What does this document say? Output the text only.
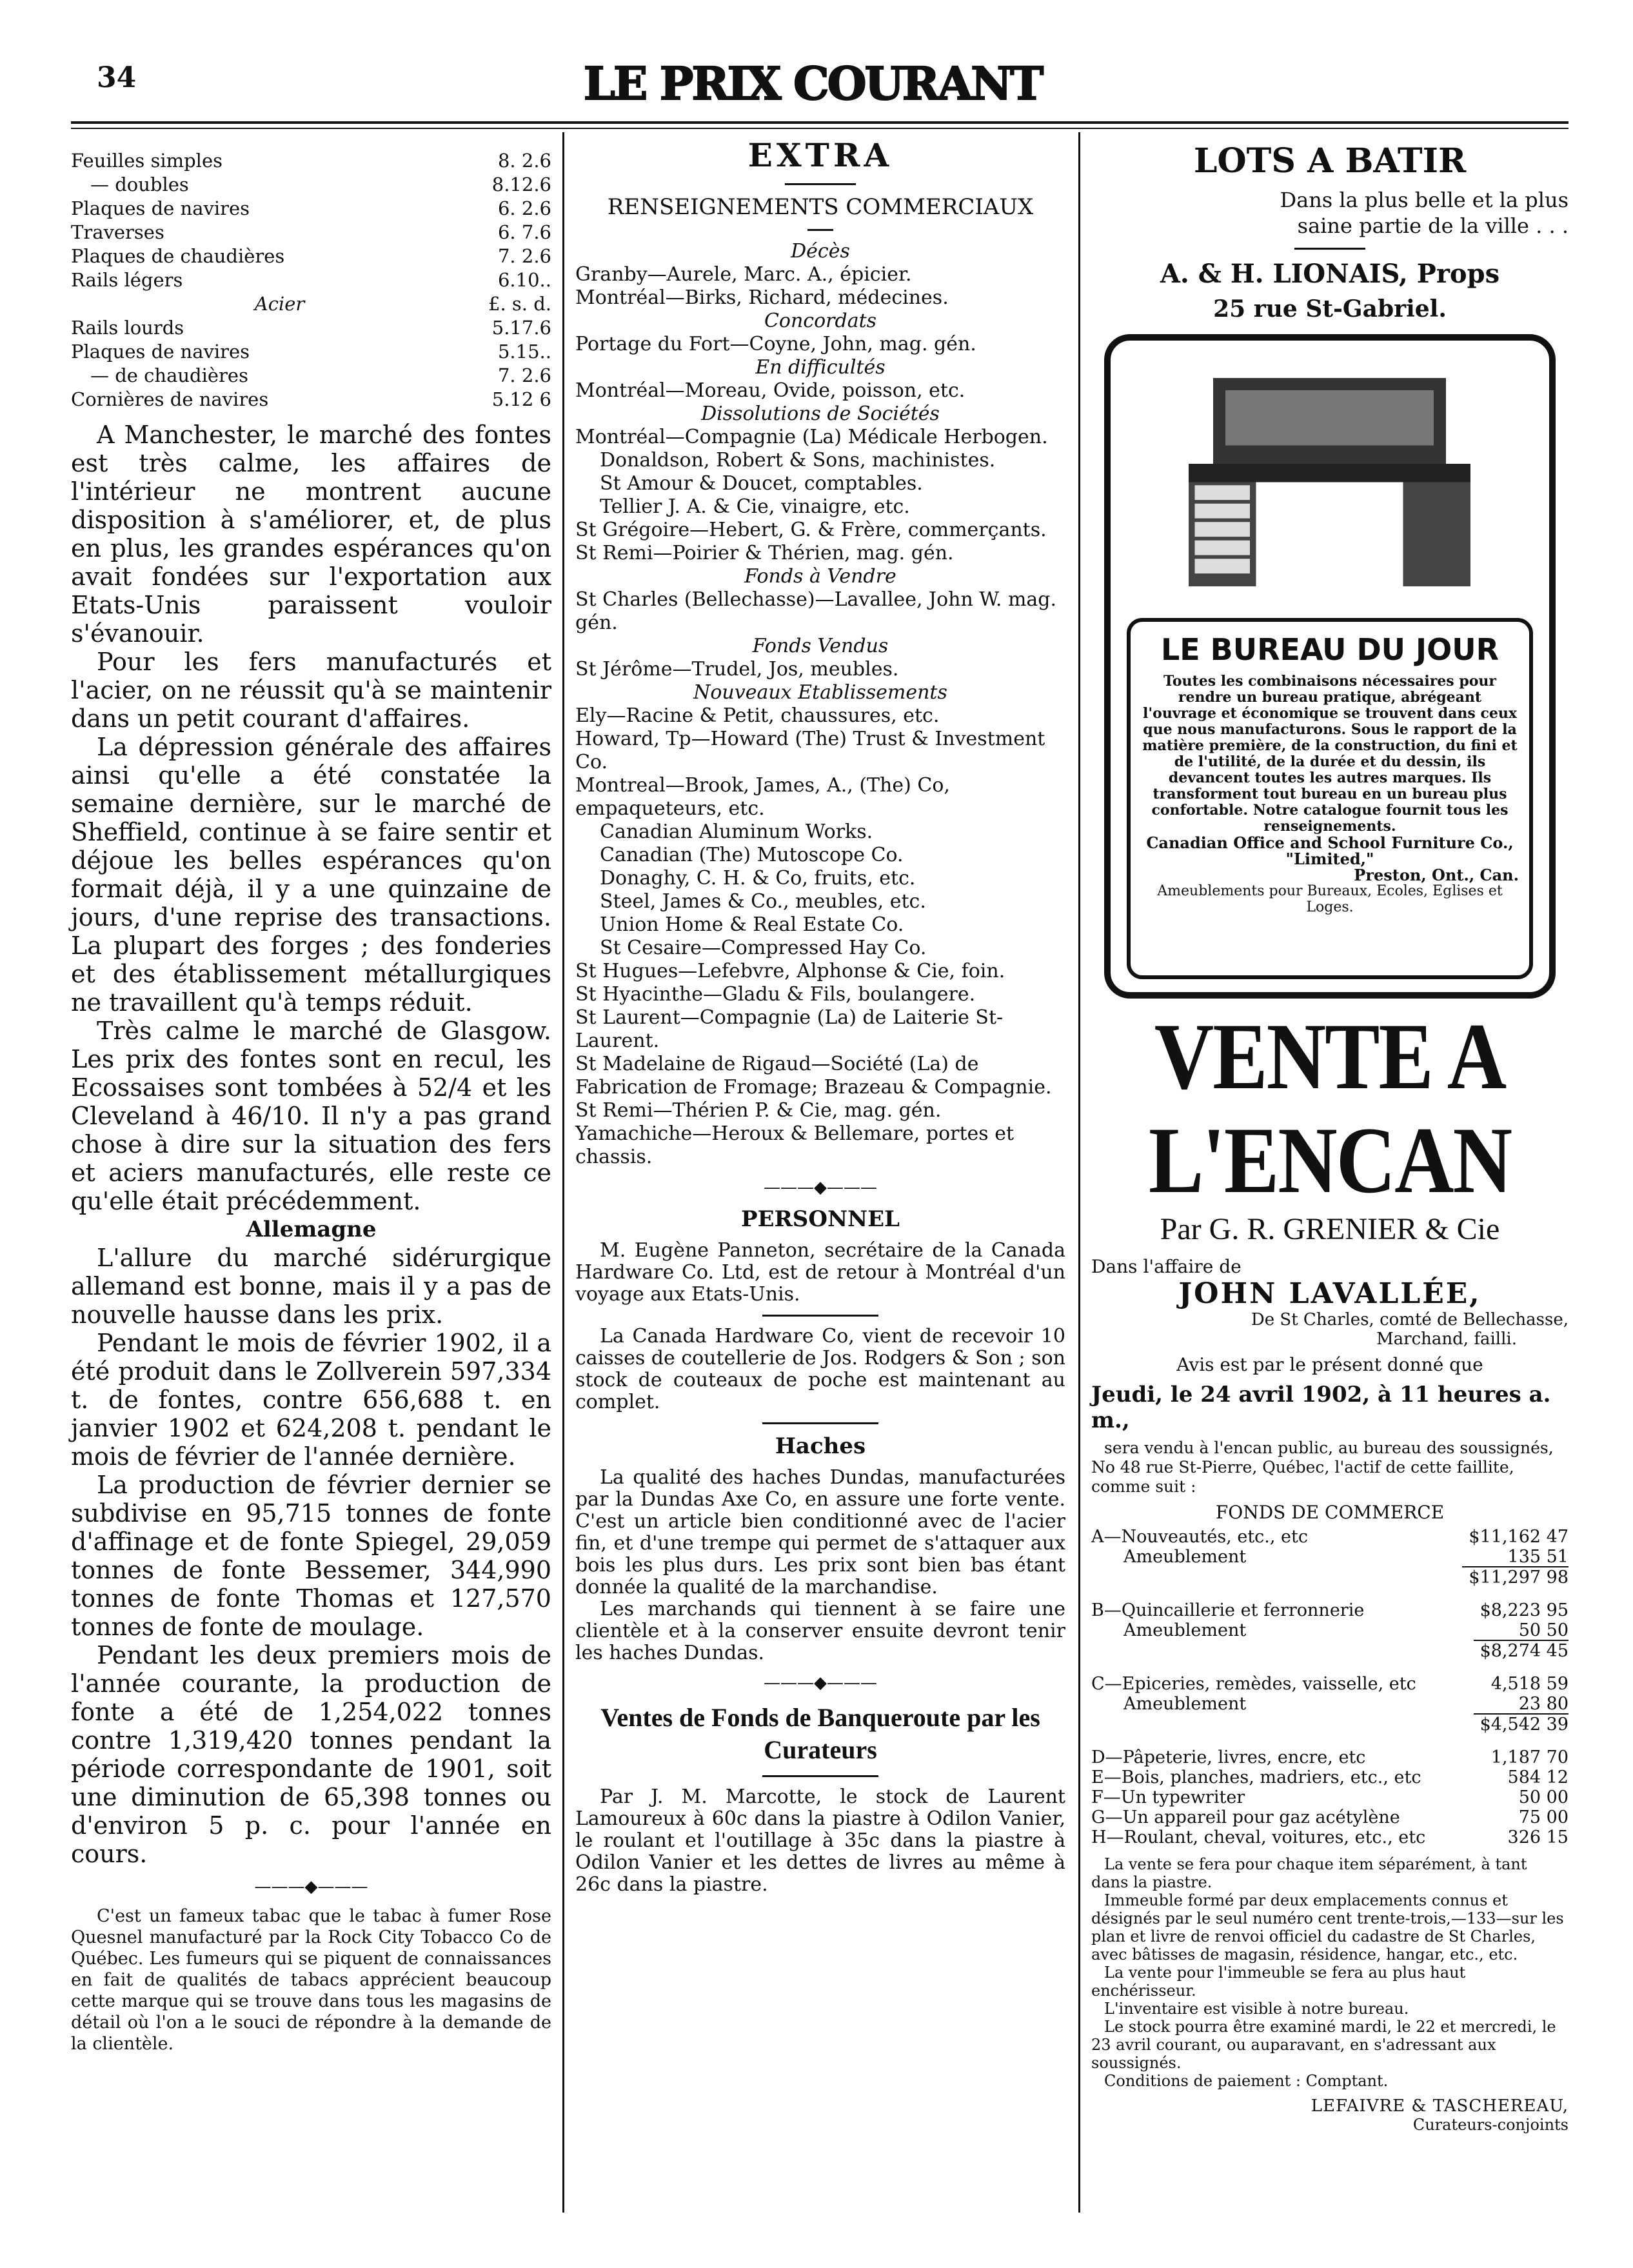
34	LE PRIX COURANT
Feuilles simples	8. 2.6
— doubles	8.12.6
Plaques de navires	6. 2.6
Traverses	6. 7.6
Plaques de chaudières	7. 2.6
Rails légers	6.10..
Acier	£. s. d.
Rails lourds	5.17.6
Plaques de navires	5.15..
— de chaudières	7. 2.6
Cornières de navires	5.12 6

A Manchester, le marché des fontes est très calme, les affaires de l'intérieur ne montrent aucune disposition à s'améliorer, et, de plus en plus, les grandes espérances qu'on avait fondées sur l'exportation aux Etats-Unis paraissent vouloir s'évanouir.

Pour les fers manufacturés et l'acier, on ne réussit qu'à se maintenir dans un petit courant d'affaires.

La dépression générale des affaires ainsi qu'elle a été constatée la semaine dernière, sur le marché de Sheffield, continue à se faire sentir et déjoue les belles espérances qu'on formait déjà, il y a une quinzaine de jours, d'une reprise des transactions. La plupart des forges ; des fonderies et des établissement métallurgiques ne travaillent qu'à temps réduit.

Très calme le marché de Glasgow. Les prix des fontes sont en recul, les Ecossaises sont tombées à 52/4 et les Cleveland à 46/10. Il n'y a pas grand chose à dire sur la situation des fers et aciers manufacturés, elle reste ce qu'elle était précédemment.

Allemagne

L'allure du marché sidérurgique allemand est bonne, mais il y a pas de nouvelle hausse dans les prix.

Pendant le mois de février 1902, il a été produit dans le Zollverein 597,334 t. de fontes, contre 656,688 t. en janvier 1902 et 624,208 t. pendant le mois de février de l'année dernière.

La production de février dernier se subdivise en 95,715 tonnes de fonte d'affinage et de fonte Spiegel, 29,059 tonnes de fonte Bessemer, 344,990 tonnes de fonte Thomas et 127,570 tonnes de fonte de moulage.

Pendant les deux premiers mois de l'année courante, la production de fonte a été de 1,254,022 tonnes contre 1,319,420 tonnes pendant la période correspondante de 1901, soit une diminution de 65,398 tonnes ou d'environ 5 p. c. pour l'année en cours.

———◆———

C'est un fameux tabac que le tabac à fumer Rose Quesnel manufacturé par la Rock City Tobacco Co de Québec. Les fumeurs qui se piquent de connaissances en fait de qualités de tabacs apprécient beaucoup cette marque qui se trouve dans tous les magasins de détail où l'on a le souci de répondre à la demande de la clientèle.

EXTRA
RENSEIGNEMENTS COMMERCIAUX
Décès

Granby—Aurele, Marc. A., épicier.

Montréal—Birks, Richard, médecines.

Concordats

Portage du Fort—Coyne, John, mag. gén.

En difficultés

Montréal—Moreau, Ovide, poisson, etc.

Dissolutions de Sociétés

Montréal—Compagnie (La) Médicale Herbogen.

Donaldson, Robert & Sons, machinistes.

St Amour & Doucet, comptables.

Tellier J. A. & Cie, vinaigre, etc.

St Grégoire—Hebert, G. & Frère, commerçants.

St Remi—Poirier & Thérien, mag. gén.

Fonds à Vendre

St Charles (Bellechasse)—Lavallee, John W. mag. gén.

Fonds Vendus

St Jérôme—Trudel, Jos, meubles.

Nouveaux Etablissements

Ely—Racine & Petit, chaussures, etc.

Howard, Tp—Howard (The) Trust & Investment Co.

Montreal—Brook, James, A., (The) Co, empaqueteurs, etc.

Canadian Aluminum Works.

Canadian (The) Mutoscope Co.

Donaghy, C. H. & Co, fruits, etc.

Steel, James & Co., meubles, etc.

Union Home & Real Estate Co.

St Cesaire—Compressed Hay Co.

St Hugues—Lefebvre, Alphonse & Cie, foin.

St Hyacinthe—Gladu & Fils, boulangere.

St Laurent—Compagnie (La) de Laiterie St-Laurent.

St Madelaine de Rigaud—Société (La) de Fabrication de Fromage; Brazeau & Compagnie.

St Remi—Thérien P. & Cie, mag. gén.

Yamachiche—Heroux & Bellemare, portes et chassis.

———◆———
PERSONNEL

M. Eugène Panneton, secrétaire de la Canada Hardware Co. Ltd, est de retour à Montréal d'un voyage aux Etats-Unis.

La Canada Hardware Co, vient de recevoir 10 caisses de coutellerie de Jos. Rodgers & Son ; son stock de couteaux de poche est maintenant au complet.

Haches

La qualité des haches Dundas, manufacturées par la Dundas Axe Co, en assure une forte vente. C'est un article bien conditionné avec de l'acier fin, et d'une trempe qui permet de s'attaquer aux bois les plus durs. Les prix sont bien bas étant donnée la qualité de la marchandise.

Les marchands qui tiennent à se faire une clientèle et à la conserver ensuite devront tenir les haches Dundas.

———◆———
Ventes de Fonds de Banqueroute par les Curateurs

Par J. M. Marcotte, le stock de Laurent Lamoureux à 60c dans la piastre à Odilon Vanier, le roulant et l'outillage à 35c dans la piastre à Odilon Vanier et les dettes de livres au même à 26c dans la piastre.

LOTS A BATIR
Dans la plus belle et la plus saine partie de la ville . . .
A. & H. LIONAIS, Props
25 rue St-Gabriel.
LE BUREAU DU JOUR

Toutes les combinaisons nécessaires pour rendre un bureau pratique, abrégeant l'ouvrage et économique se trouvent dans ceux que nous manufacturons. Sous le rapport de la matière première, de la construction, du fini et de l'utilité, de la durée et du dessin, ils devancent toutes les autres marques. Ils transforment tout bureau en un bureau plus confortable. Notre catalogue fournit tous les renseignements.

Canadian Office and School Furniture Co., "Limited,"

Preston, Ont., Can.

Ameublements pour Bureaux, Ecoles, Eglises et Loges.

VENTE A L'ENCAN
Par G. R. GRENIER & Cie
Dans l'affaire de
JOHN LAVALLÉE,
De St Charles, comté de Bellechasse,
Marchand, failli.
Avis est par le présent donné que
Jeudi, le 24 avril 1902, à 11 heures a. m.,
sera vendu à l'encan public, au bureau des soussignés, No 48 rue St-Pierre, Québec, l'actif de cette faillite, comme suit :
FONDS DE COMMERCE
A—Nouveautés, etc., etc	$11,162 47
Ameublement	135 51
$11,297 98
B—Quincaillerie et ferronnerie	$8,223 95
Ameublement	50 50
$8,274 45
C—Epiceries, remèdes, vaisselle, etc	4,518 59
Ameublement	23 80
$4,542 39
D—Pâpeterie, livres, encre, etc	1,187 70
E—Bois, planches, madriers, etc., etc	584 12
F—Un typewriter	50 00
G—Un appareil pour gaz acétylène	75 00
H—Roulant, cheval, voitures, etc., etc	326 15

La vente se fera pour chaque item séparément, à tant dans la piastre.

Immeuble formé par deux emplacements connus et désignés par le seul numéro cent trente-trois,—133—sur les plan et livre de renvoi officiel du cadastre de St Charles, avec bâtisses de magasin, résidence, hangar, etc., etc.

La vente pour l'immeuble se fera au plus haut enchérisseur.

L'inventaire est visible à notre bureau.

Le stock pourra être examiné mardi, le 22 et mercredi, le 23 avril courant, ou auparavant, en s'adressant aux soussignés.

Conditions de paiement : Comptant.

LEFAIVRE & TASCHEREAU,
Curateurs-conjoints
